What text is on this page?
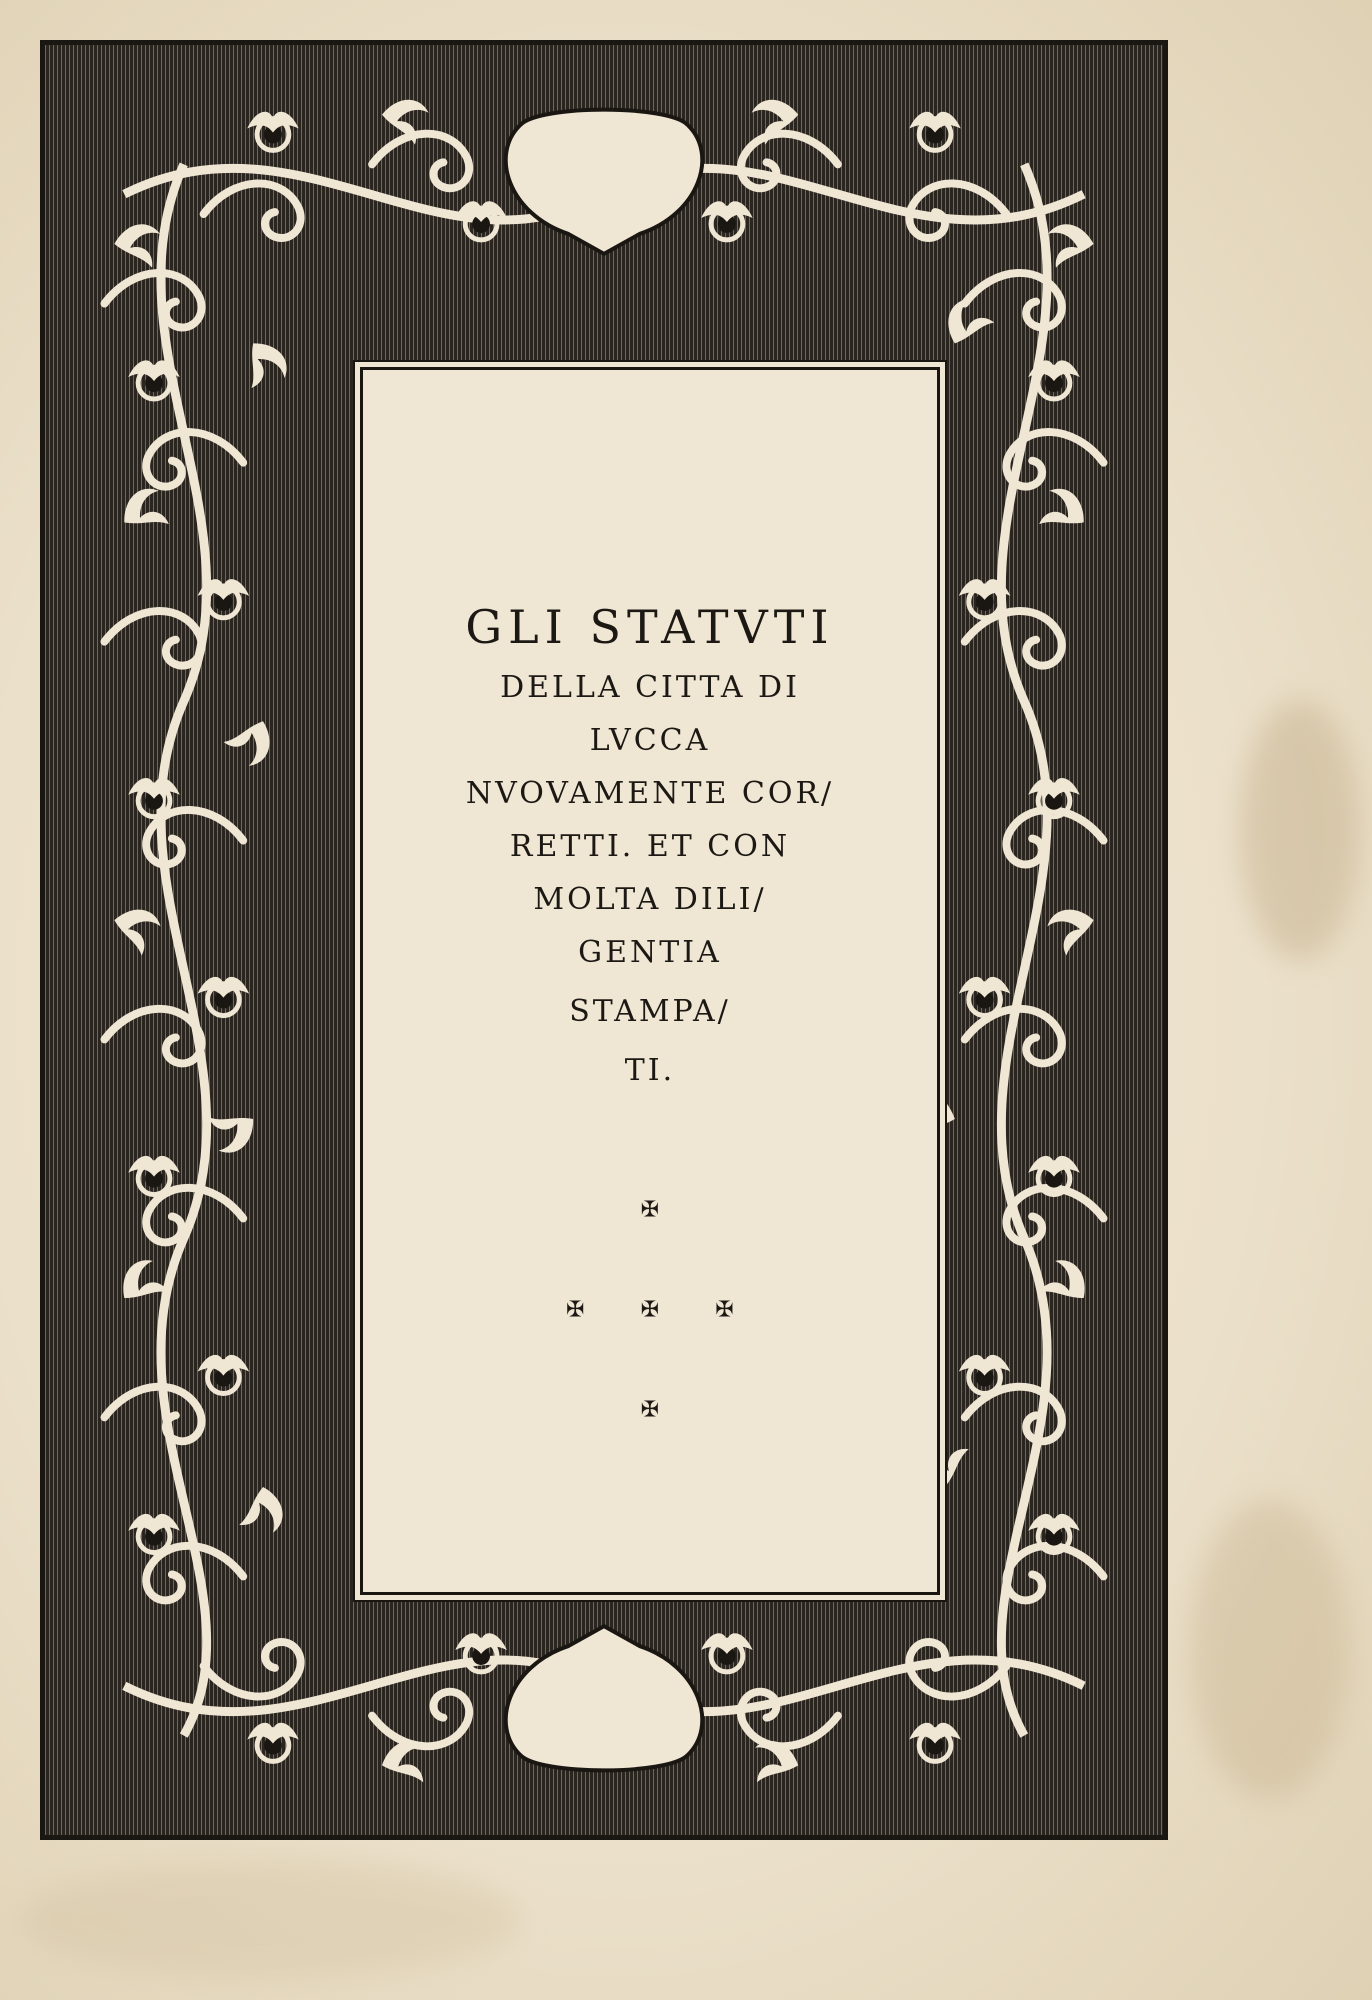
GLI STATVTI
DELLA CITTA DI
LVCCA
NVOVAMENTE COR/
RETTI. ET CON
MOLTA DILI/
GENTIA
STAMPA/
TI.
✠
✠	✠	✠
✠
